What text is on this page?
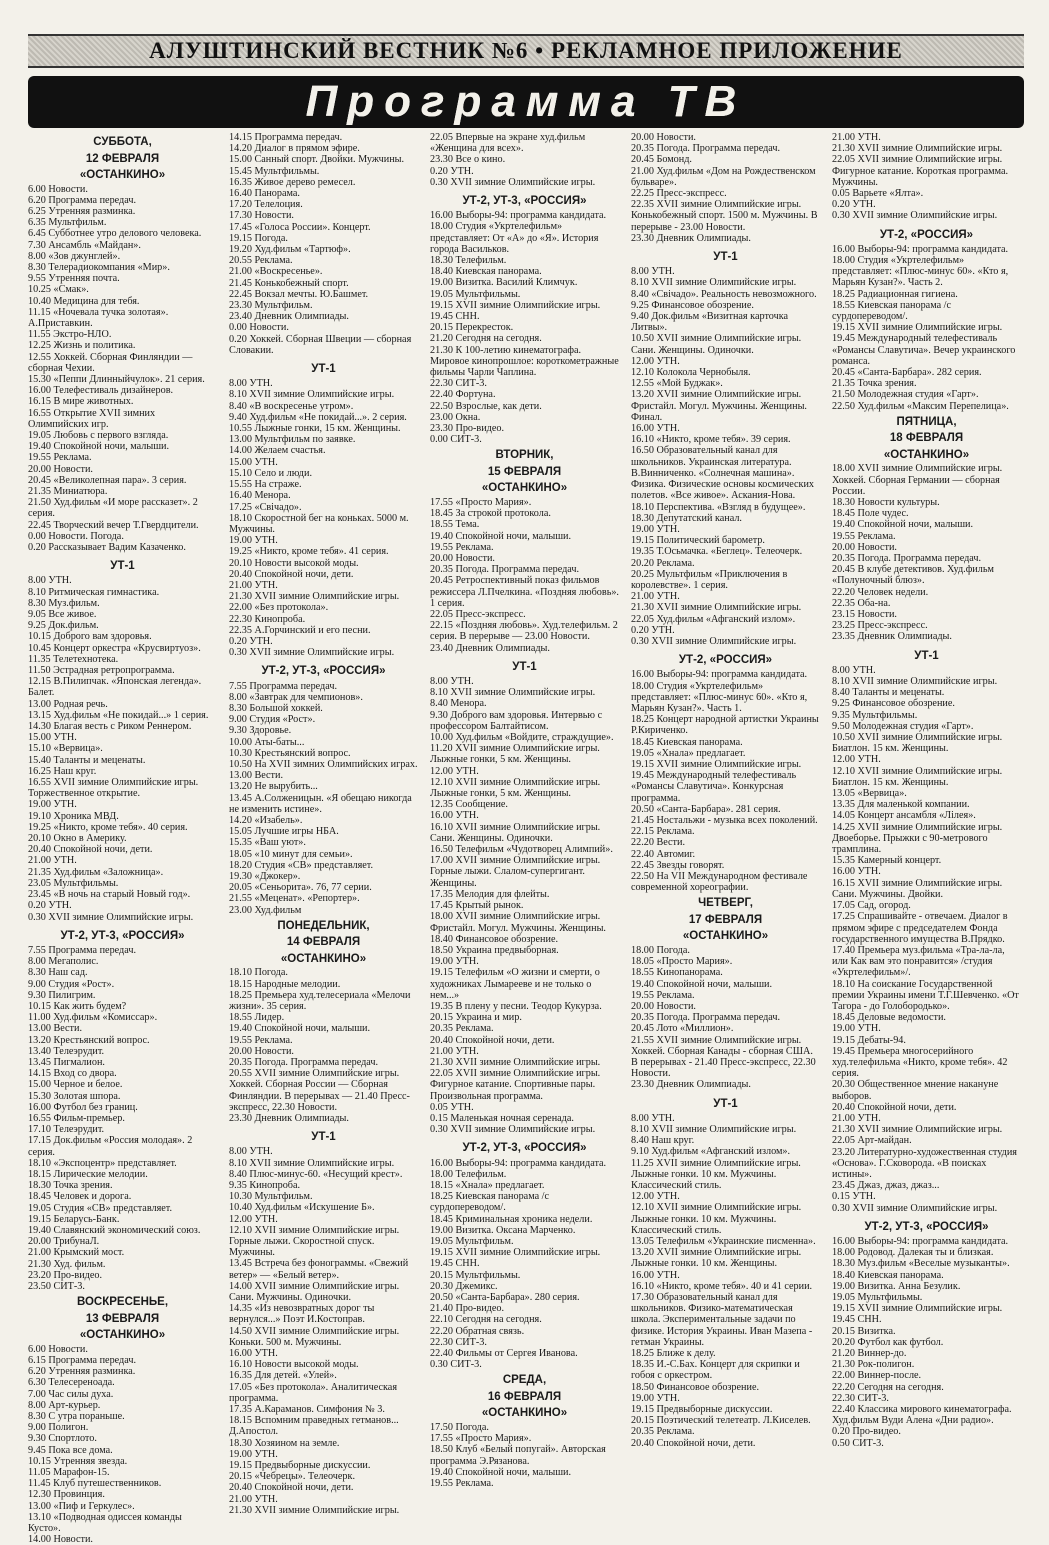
АЛУШТИНСКИЙ ВЕСТНИК №6 • РЕКЛАМНОЕ ПРИЛОЖЕНИЕ
Программа ТВ
СУББОТА,
12 ФЕВРАЛЯ
«ОСТАНКИНО»
6.00 Новости.
6.20 Программа передач.
6.25 Утренняя разминка.
6.35 Мультфильм.
6.45 Субботнее утро делового человека.
7.30 Ансамбль «Майдан».
8.00 «Зов джунглей».
8.30 Телерадиокомпания «Мир».
9.55 Утренняя почта.
10.25 «Смак».
10.40 Медицина для тебя.
11.15 «Ночевала тучка золотая». А.Приставкин.
11.55 Экстро-НЛО.
12.25 Жизнь и политика.
12.55 Хоккей. Сборная Финляндии — сборная Чехии.
15.30 «Пеппи Длинныйчулок». 21 серия.
16.00 Телефестиваль дизайнеров.
16.15 В мире животных.
16.55 Открытие XVII зимних Олимпийских игр.
19.05 Любовь с первого взгляда.
19.40 Спокойной ночи, малыши.
19.55 Реклама.
20.00 Новости.
20.45 «Великолепная пара». 3 серия.
21.35 Миниатюра.
21.50 Худ.фильм «И море рассказет». 2 серия.
22.45 Творческий вечер Т.Гвердцители.
0.00 Новости. Погода.
0.20 Рассказывает Вадим Казаченко.
УТ-1
8.00 УТН.
8.10 Ритмическая гимнастика.
8.30 Муз.фильм.
9.05 Все живое.
9.25 Док.фильм.
10.15 Доброго вам здоровья.
10.45 Концерт оркестра «Крусвиртуоз».
11.35 Телетехнотека.
11.50 Эстрадная ретропрограмма.
12.15 В.Пилипчак. «Японская легенда». Балет.
13.00 Родная речь.
13.15 Худ.фильм «Не покидай...» 1 серия.
14.30 Благая весть с Риком Реннером.
15.00 УТН.
15.10 «Вервица».
15.40 Таланты и меценаты.
16.25 Наш круг.
16.55 XVII зимние Олимпийские игры. Торжественное открытие.
19.00 УТН.
19.10 Хроника МВД.
19.25 «Никто, кроме тебя». 40 серия.
20.10 Окно в Америку.
20.40 Спокойной ночи, дети.
21.00 УТН.
21.35 Худ.фильм «Заложница».
23.05 Мультфильмы.
23.45 «В ночь на старый Новый год».
0.20 УТН.
0.30 XVII зимние Олимпийские игры.
УТ-2, УТ-3, «РОССИЯ»
7.55 Программа передач.
8.00 Мегаполис.
8.30 Наш сад.
9.00 Студия «Рост».
9.30 Пилигрим.
10.15 Как жить будем?
11.00 Худ.фильм «Комиссар».
13.00 Вести.
13.20 Крестьянский вопрос.
13.40 Телеэрудит.
13.45 Пигмалион.
14.15 Вход со двора.
15.00 Черное и белое.
15.30 Золотая шпора.
16.00 Футбол без границ.
16.55 Фильм-премьер.
17.10 Телеэрудит.
17.15 Док.фильм «Россия молодая». 2 серия.
18.10 «Экспоцентр» представляет.
18.15 Лирические мелодии.
18.30 Точка зрения.
18.45 Человек и дорога.
19.05 Студия «СВ» представляет.
19.15 Беларусь-Банк.
19.40 Славянский экономический союз.
20.00 ТрибунаЛ.
21.00 Крымский мост.
21.30 Худ. фильм.
23.20 Про-видео.
23.50 СИТ-3.
ВОСКРЕСЕНЬЕ,
13 ФЕВРАЛЯ
«ОСТАНКИНО»
6.00 Новости.
6.15 Программа передач.
6.20 Утренняя разминка.
6.30 Телесереноада.
7.00 Час силы духа.
8.00 Арт-курьер.
8.30 С утра пораньше.
9.00 Полигон.
9.30 Спортлото.
9.45 Пока все дома.
10.15 Утренняя звезда.
11.05 Марафон-15.
11.45 Клуб путешественников.
12.30 Провинция.
13.00 «Пиф и Геркулес».
13.10 «Подводная одиссея команды Кусто».
14.00 Новости.
14.15 Программа передач.
14.20 Диалог в прямом эфире.
15.00 Санный спорт. Двойки. Мужчины.
15.45 Мультфильмы.
16.35 Живое дерево ремесел.
16.40 Панорама.
17.20 Телелоция.
17.30 Новости.
17.45 «Голоса России». Концерт.
19.15 Погода.
19.20 Худ.фильм «Тартюф».
20.55 Реклама.
21.00 «Воскресенье».
21.45 Конькобежный спорт.
22.45 Вокзал мечты. Ю.Башмет.
23.30 Мультфильм.
23.40 Дневник Олимпиады.
0.00 Новости.
0.20 Хоккей. Сборная Швеции — сборная Словакии.
УТ-1
8.00 УТН.
8.10 XVII зимние Олимпийские игры.
8.40 «В воскресенье утром».
9.40 Худ.фильм «Не покидай...». 2 серия.
10.55 Лыжные гонки, 15 км. Женщины.
13.00 Мультфильм по заявке.
14.00 Желаем счастья.
15.00 УТН.
15.10 Село и люди.
15.55 На страже.
16.40 Менора.
17.25 «Свічадо».
18.10 Скоростной бег на коньках. 5000 м. Мужчины.
19.00 УТН.
19.25 «Никто, кроме тебя». 41 серия.
20.10 Новости высокой моды.
20.40 Спокойной ночи, дети.
21.00 УТН.
21.30 XVII зимние Олимпийские игры.
22.00 «Без протокола».
22.30 Кинопроба.
22.35 А.Горчинский и его песни.
0.20 УТН.
0.30 XVII зимние Олимпийские игры.
УТ-2, УТ-3, «РОССИЯ»
7.55 Программа передач.
8.00 «Завтрак для чемпионов».
8.30 Большой хоккей.
9.00 Студия «Рост».
9.30 Здоровье.
10.00 Аты-баты...
10.30 Крестьянский вопрос.
10.50 На XVII зимних Олимпийских играх.
13.00 Вести.
13.20 Не вырубить...
13.45 А.Солженицын. «Я обещаю никогда не изменить истине».
14.20 «Изабель».
15.05 Лучшие игры НБА.
15.35 «Ваш уют».
18.05 «10 минут для семьи».
18.20 Студия «СВ» представляет.
19.30 «Джокер».
20.05 «Сеньорита». 76, 77 серии.
21.55 «Меценат». «Репортер».
23.00 Худ.фильм
ПОНЕДЕЛЬНИК,
14 ФЕВРАЛЯ
«ОСТАНКИНО»
18.10 Погода.
18.15 Народные мелодии.
18.25 Премьера худ.телесериала «Мелочи жизни». 35 серия.
18.55 Лидер.
19.40 Спокойной ночи, малыши.
19.55 Реклама.
20.00 Новости.
20.35 Погода. Программа передач.
20.55 XVII зимние Олимпийские игры. Хоккей. Сборная России — Сборная Финляндии. В перерывах — 21.40 Пресс-экспресс, 22.30 Новости.
23.30 Дневник Олимпиады.
УТ-1
8.00 УТН.
8.10 XVII зимние Олимпийские игры.
8.40 Плюс-минус-60. «Несущий крест».
9.35 Кинопроба.
10.30 Мультфильм.
10.40 Худ.фильм «Искушение Б».
12.00 УТН.
12.10 XVII зимние Олимпийские игры. Горные лыжи. Скоростной спуск. Мужчины.
13.45 Встреча без фонограммы. «Свежий ветер» — «Белый ветер».
14.00 XVII зимние Олимпийские игры. Сани. Мужчины. Одиночки.
14.35 «Из невозвратных дорог ты вернулся...» Поэт И.Костоправ.
14.50 XVII зимние Олимпийские игры. Коньки. 500 м. Мужчины.
16.00 УТН.
16.10 Новости высокой моды.
16.35 Для детей. «Улей».
17.05 «Без протокола». Аналитическая программа.
17.35 А.Караманов. Симфония № 3.
18.15 Вспомним праведных гетманов... Д.Апостол.
18.30 Хозяином на земле.
19.00 УТН.
19.15 Предвыборные дискуссии.
20.15 «Чебрецы». Телеочерк.
20.40 Спокойной ночи, дети.
21.00 УТН.
21.30 XVII зимние Олимпийские игры.
22.05 Впервые на экране худ.фильм «Женщина для всех».
23.30 Все о кино.
0.20 УТН.
0.30 XVII зимние Олимпийские игры.
УТ-2, УТ-3, «РОССИЯ»
16.00 Выборы-94: программа кандидата.
18.00 Студия «Укртелефильм» представляет: От «А» до «Я». История города Васильков.
18.30 Телефильм.
18.40 Киевская панорама.
19.00 Визитка. Василий Климчук.
19.05 Мультфильмы.
19.15 XVII зимние Олимпийские игры.
19.45 СНН.
20.15 Перекресток.
21.20 Сегодня на сегодня.
21.30 К 100-летию кинематографа. Мировое кинопрошлое: короткометражные фильмы Чарли Чаплина.
22.30 СИТ-3.
22.40 Фортуна.
22.50 Взрослые, как дети.
23.00 Окна.
23.30 Про-видео.
0.00 СИТ-3.
ВТОРНИК,
15 ФЕВРАЛЯ
«ОСТАНКИНО»
17.55 «Просто Мария».
18.45 За строкой протокола.
18.55 Тема.
19.40 Спокойной ночи, малыши.
19.55 Реклама.
20.00 Новости.
20.35 Погода. Программа передач.
20.45 Ретроспективный показ фильмов режиссера Л.Пчелкина. «Поздняя любовь». 1 серия.
22.05 Пресс-экспресс.
22.15 «Поздняя любовь». Худ.телефильм. 2 серия. В перерыве — 23.00 Новости.
23.40 Дневник Олимпиады.
УТ-1
8.00 УТН.
8.10 XVII зимние Олимпийские игры.
8.40 Менора.
9.30 Доброго вам здоровья. Интервью с профессором Балтайтисом.
10.00 Худ.фильм «Войдите, страждущие».
11.20 XVII зимние Олимпийские игры. Лыжные гонки, 5 км. Женщины.
12.00 УТН.
12.10 XVII зимние Олимпийские игры. Лыжные гонки, 5 км. Женщины.
12.35 Сообщение.
16.00 УТН.
16.10 XVII зимние Олимпийские игры. Сани. Женщины. Одиночки.
16.50 Телефильм «Чудотворец Алимпий».
17.00 XVII зимние Олимпийские игры. Горные лыжи. Слалом-супергигант. Женщины.
17.35 Мелодия для флейты.
17.45 Крытый рынок.
18.00 XVII зимние Олимпийские игры. Фристайл. Могул. Мужчины. Женщины.
18.40 Финансовое обозрение.
18.50 Украина предвыборная.
19.00 УТН.
19.15 Телефильм «О жизни и смерти, о художниках Лымарееве и не только о нем...»
19.35 В плену у песни. Теодор Кукурза.
20.15 Украина и мир.
20.35 Реклама.
20.40 Спокойной ночи, дети.
21.00 УТН.
21.30 XVII зимние Олимпийские игры.
22.05 XVII зимние Олимпийские игры. Фигурное катание. Спортивные пары. Произвольная программа.
0.05 УТН.
0.15 Маленькая ночная серенада.
0.30 XVII зимние Олимпийские игры.
УТ-2, УТ-3, «РОССИЯ»
16.00 Выборы-94: программа кандидата.
18.00 Телефильм.
18.15 «Хнала» предлагает.
18.25 Киевская панорама /с сурдопереводом/.
18.45 Криминальная хроника недели.
19.00 Визитка. Оксана Марченко.
19.05 Мультфильм.
19.15 XVII зимние Олимпийские игры.
19.45 СНН.
20.15 Мультфильмы.
20.30 Джемикс.
20.50 «Санта-Барбара». 280 серия.
21.40 Про-видео.
22.10 Сегодня на сегодня.
22.20 Обратная связь.
22.30 СИТ-3.
22.40 Фильмы от Сергея Иванова.
0.30 СИТ-3.
СРЕДА,
16 ФЕВРАЛЯ
«ОСТАНКИНО»
17.50 Погода.
17.55 «Просто Мария».
18.50 Клуб «Белый попугай». Авторская программа Э.Рязанова.
19.40 Спокойной ночи, малыши.
19.55 Реклама.
20.00 Новости.
20.35 Погода. Программа передач.
20.45 Бомонд.
21.00 Худ.фильм «Дом на Рождественском бульваре».
22.25 Пресс-экспресс.
22.35 XVII зимние Олимпийские игры. Конькобежный спорт. 1500 м. Мужчины. В перерыве - 23.00 Новости.
23.30 Дневник Олимпиады.
УТ-1
8.00 УТН.
8.10 XVII зимние Олимпийские игры.
8.40 «Свічадо». Реальность невозможного.
9.25 Финансовое обозрение.
9.40 Док.фильм «Визитная карточка Литвы».
10.50 XVII зимние Олимпийские игры. Сани. Женщины. Одиночки.
12.00 УТН.
12.10 Колокола Чернобыля.
12.55 «Мой Буджак».
13.20 XVII зимние Олимпийские игры. Фристайл. Могул. Мужчины. Женщины. Финал.
16.00 УТН.
16.10 «Никто, кроме тебя». 39 серия.
16.50 Образовательный канал для школьников. Украинская литература. В.Винниченко. «Солнечная машина». Физика. Физические основы космических полетов. «Все живое». Аскания-Нова.
18.10 Перспектива. «Взгляд в будущее».
18.30 Депутатский канал.
19.00 УТН.
19.15 Политический барометр.
19.35 Т.Осьмачка. «Беглец». Телеочерк.
20.20 Реклама.
20.25 Мультфильм «Приключения в королевстве». 1 серия.
21.00 УТН.
21.30 XVII зимние Олимпийские игры.
22.05 Худ.фильм «Афганский излом».
0.20 УТН.
0.30 XVII зимние Олимпийские игры.
УТ-2, «РОССИЯ»
16.00 Выборы-94: программа кандидата.
18.00 Студия «Укртелефильм» представляет: «Плюс-минус 60». «Кто я, Марьян Кузан?». Часть 1.
18.25 Концерт народной артистки Украины Р.Кириченко.
18.45 Киевская панорама.
19.05 «Хнала» предлагает.
19.15 XVII зимние Олимпийские игры.
19.45 Международный телефестиваль «Романсы Славутича». Конкурсная программа.
20.50 «Санта-Барбара». 281 серия.
21.45 Ностальжи - музыка всех поколений.
22.15 Реклама.
22.20 Вести.
22.40 Автомиг.
22.45 Звезды говорят.
22.50 На VII Международном фестивале современной хореографии.
ЧЕТВЕРГ,
17 ФЕВРАЛЯ
«ОСТАНКИНО»
18.00 Погода.
18.05 «Просто Мария».
18.55 Кинопанорама.
19.40 Спокойной ночи, малыши.
19.55 Реклама.
20.00 Новости.
20.35 Погода. Программа передач.
20.45 Лото «Миллион».
21.55 XVII зимние Олимпийские игры. Хоккей. Сборная Канады - сборная США. В перерывах - 21.40 Пресс-экспресс, 22.30 Новости.
23.30 Дневник Олимпиады.
УТ-1
8.00 УТН.
8.10 XVII зимние Олимпийские игры.
8.40 Наш круг.
9.10 Худ.фильм «Афганский излом».
11.25 XVII зимние Олимпийские игры. Лыжные гонки. 10 км. Мужчины. Классический стиль.
12.00 УТН.
12.10 XVII зимние Олимпийские игры. Лыжные гонки. 10 км. Мужчины. Классический стиль.
13.05 Телефильм «Украинские писменна».
13.20 XVII зимние Олимпийские игры. Лыжные гонки. 10 км. Женщины.
16.00 УТН.
16.10 «Никто, кроме тебя». 40 и 41 серии.
17.30 Образовательный канал для школьников. Физико-математическая школа. Экспериментальные задачи по физике. История Украины. Иван Мазепа - гетман Украины.
18.25 Ближе к делу.
18.35 И.-С.Бах. Концерт для скрипки и гобоя с оркестром.
18.50 Финансовое обозрение.
19.00 УТН.
19.15 Предвыборные дискуссии.
20.15 Поэтический телетеатр. Л.Киселев.
20.35 Реклама.
20.40 Спокойной ночи, дети.
21.00 УТН.
21.30 XVII зимние Олимпийские игры.
22.05 XVII зимние Олимпийские игры. Фигурное катание. Короткая программа. Мужчины.
0.05 Варьете «Ялта».
0.20 УТН.
0.30 XVII зимние Олимпийские игры.
УТ-2, «РОССИЯ»
16.00 Выборы-94: программа кандидата.
18.00 Студия «Укртелефильм» представляет: «Плюс-минус 60». «Кто я, Марьян Кузан?». Часть 2.
18.25 Радиационная гигиена.
18.55 Киевская панорама /с сурдопереводом/.
19.15 XVII зимние Олимпийские игры.
19.45 Международный телефестиваль «Романсы Славутича». Вечер украинского романса.
20.45 «Санта-Барбара». 282 серия.
21.35 Точка зрения.
21.50 Молодежная студия «Гарт».
22.50 Худ.фильм «Максим Перепелица».
ПЯТНИЦА,
18 ФЕВРАЛЯ
«ОСТАНКИНО»
18.00 XVII зимние Олимпийские игры. Хоккей. Сборная Германии — сборная России.
18.30 Новости культуры.
18.45 Поле чудес.
19.40 Спокойной ночи, малыши.
19.55 Реклама.
20.00 Новости.
20.35 Погода. Программа передач.
20.45 В клубе детективов. Худ.фильм «Полуночный блюз».
22.20 Человек недели.
22.35 Оба-на.
23.15 Новости.
23.25 Пресс-экспресс.
23.35 Дневник Олимпиады.
УТ-1
8.00 УТН.
8.10 XVII зимние Олимпийские игры.
8.40 Таланты и меценаты.
9.25 Финансовое обозрение.
9.35 Мультфильмы.
9.50 Молодежная студия «Гарт».
10.50 XVII зимние Олимпийские игры. Биатлон. 15 км. Женщины.
12.00 УТН.
12.10 XVII зимние Олимпийские игры. Биатлон. 15 км. Женщины.
13.05 «Вервица».
13.35 Для маленькой компании.
14.05 Концерт ансамбля «Лілея».
14.25 XVII зимние Олимпийские игры. Двоеборье. Прыжки с 90-метрового трамплина.
15.35 Камерный концерт.
16.00 УТН.
16.15 XVII зимние Олимпийские игры. Сани. Мужчины. Двойки.
17.05 Сад, огород.
17.25 Спрашивайте - отвечаем. Диалог в прямом эфире с председателем Фонда государственного имущества В.Прядко.
17.40 Премьера муз.фильма «Тра-ла-ла, или Как вам это понравится» /студия «Укртелефильм»/.
18.10 На соискание Государственной премии Украины имени Т.Г.Шевченко. «От Тагора - до Голобородько».
18.45 Деловые ведомости.
19.00 УТН.
19.15 Дебаты-94.
19.45 Премьера многосерийного худ.телефильма «Никто, кроме тебя». 42 серия.
20.30 Общественное мнение накануне выборов.
20.40 Спокойной ночи, дети.
21.00 УТН.
21.30 XVII зимние Олимпийские игры.
22.05 Арт-майдан.
23.20 Литературно-художественная студия «Основа». Г.Сковорода. «В поисках истины».
23.45 Джаз, джаз, джаз...
0.15 УТН.
0.30 XVII зимние Олимпийские игры.
УТ-2, УТ-3, «РОССИЯ»
16.00 Выборы-94: программа кандидата.
18.00 Родовод. Далекая ты и близкая.
18.30 Муз.фильм «Веселые музыканты».
18.40 Киевская панорама.
19.00 Визитка. Анна Безулик.
19.05 Мультфильмы.
19.15 XVII зимние Олимпийские игры.
19.45 СНН.
20.15 Визитка.
20.20 Футбол как футбол.
21.20 Виннер-до.
21.30 Рок-полигон.
22.00 Виннер-после.
22.20 Сегодня на сегодня.
22.30 СИТ-3.
22.40 Классика мирового кинематографа. Худ.фильм Вуди Алена «Дни радио».
0.20 Про-видео.
0.50 СИТ-3.
